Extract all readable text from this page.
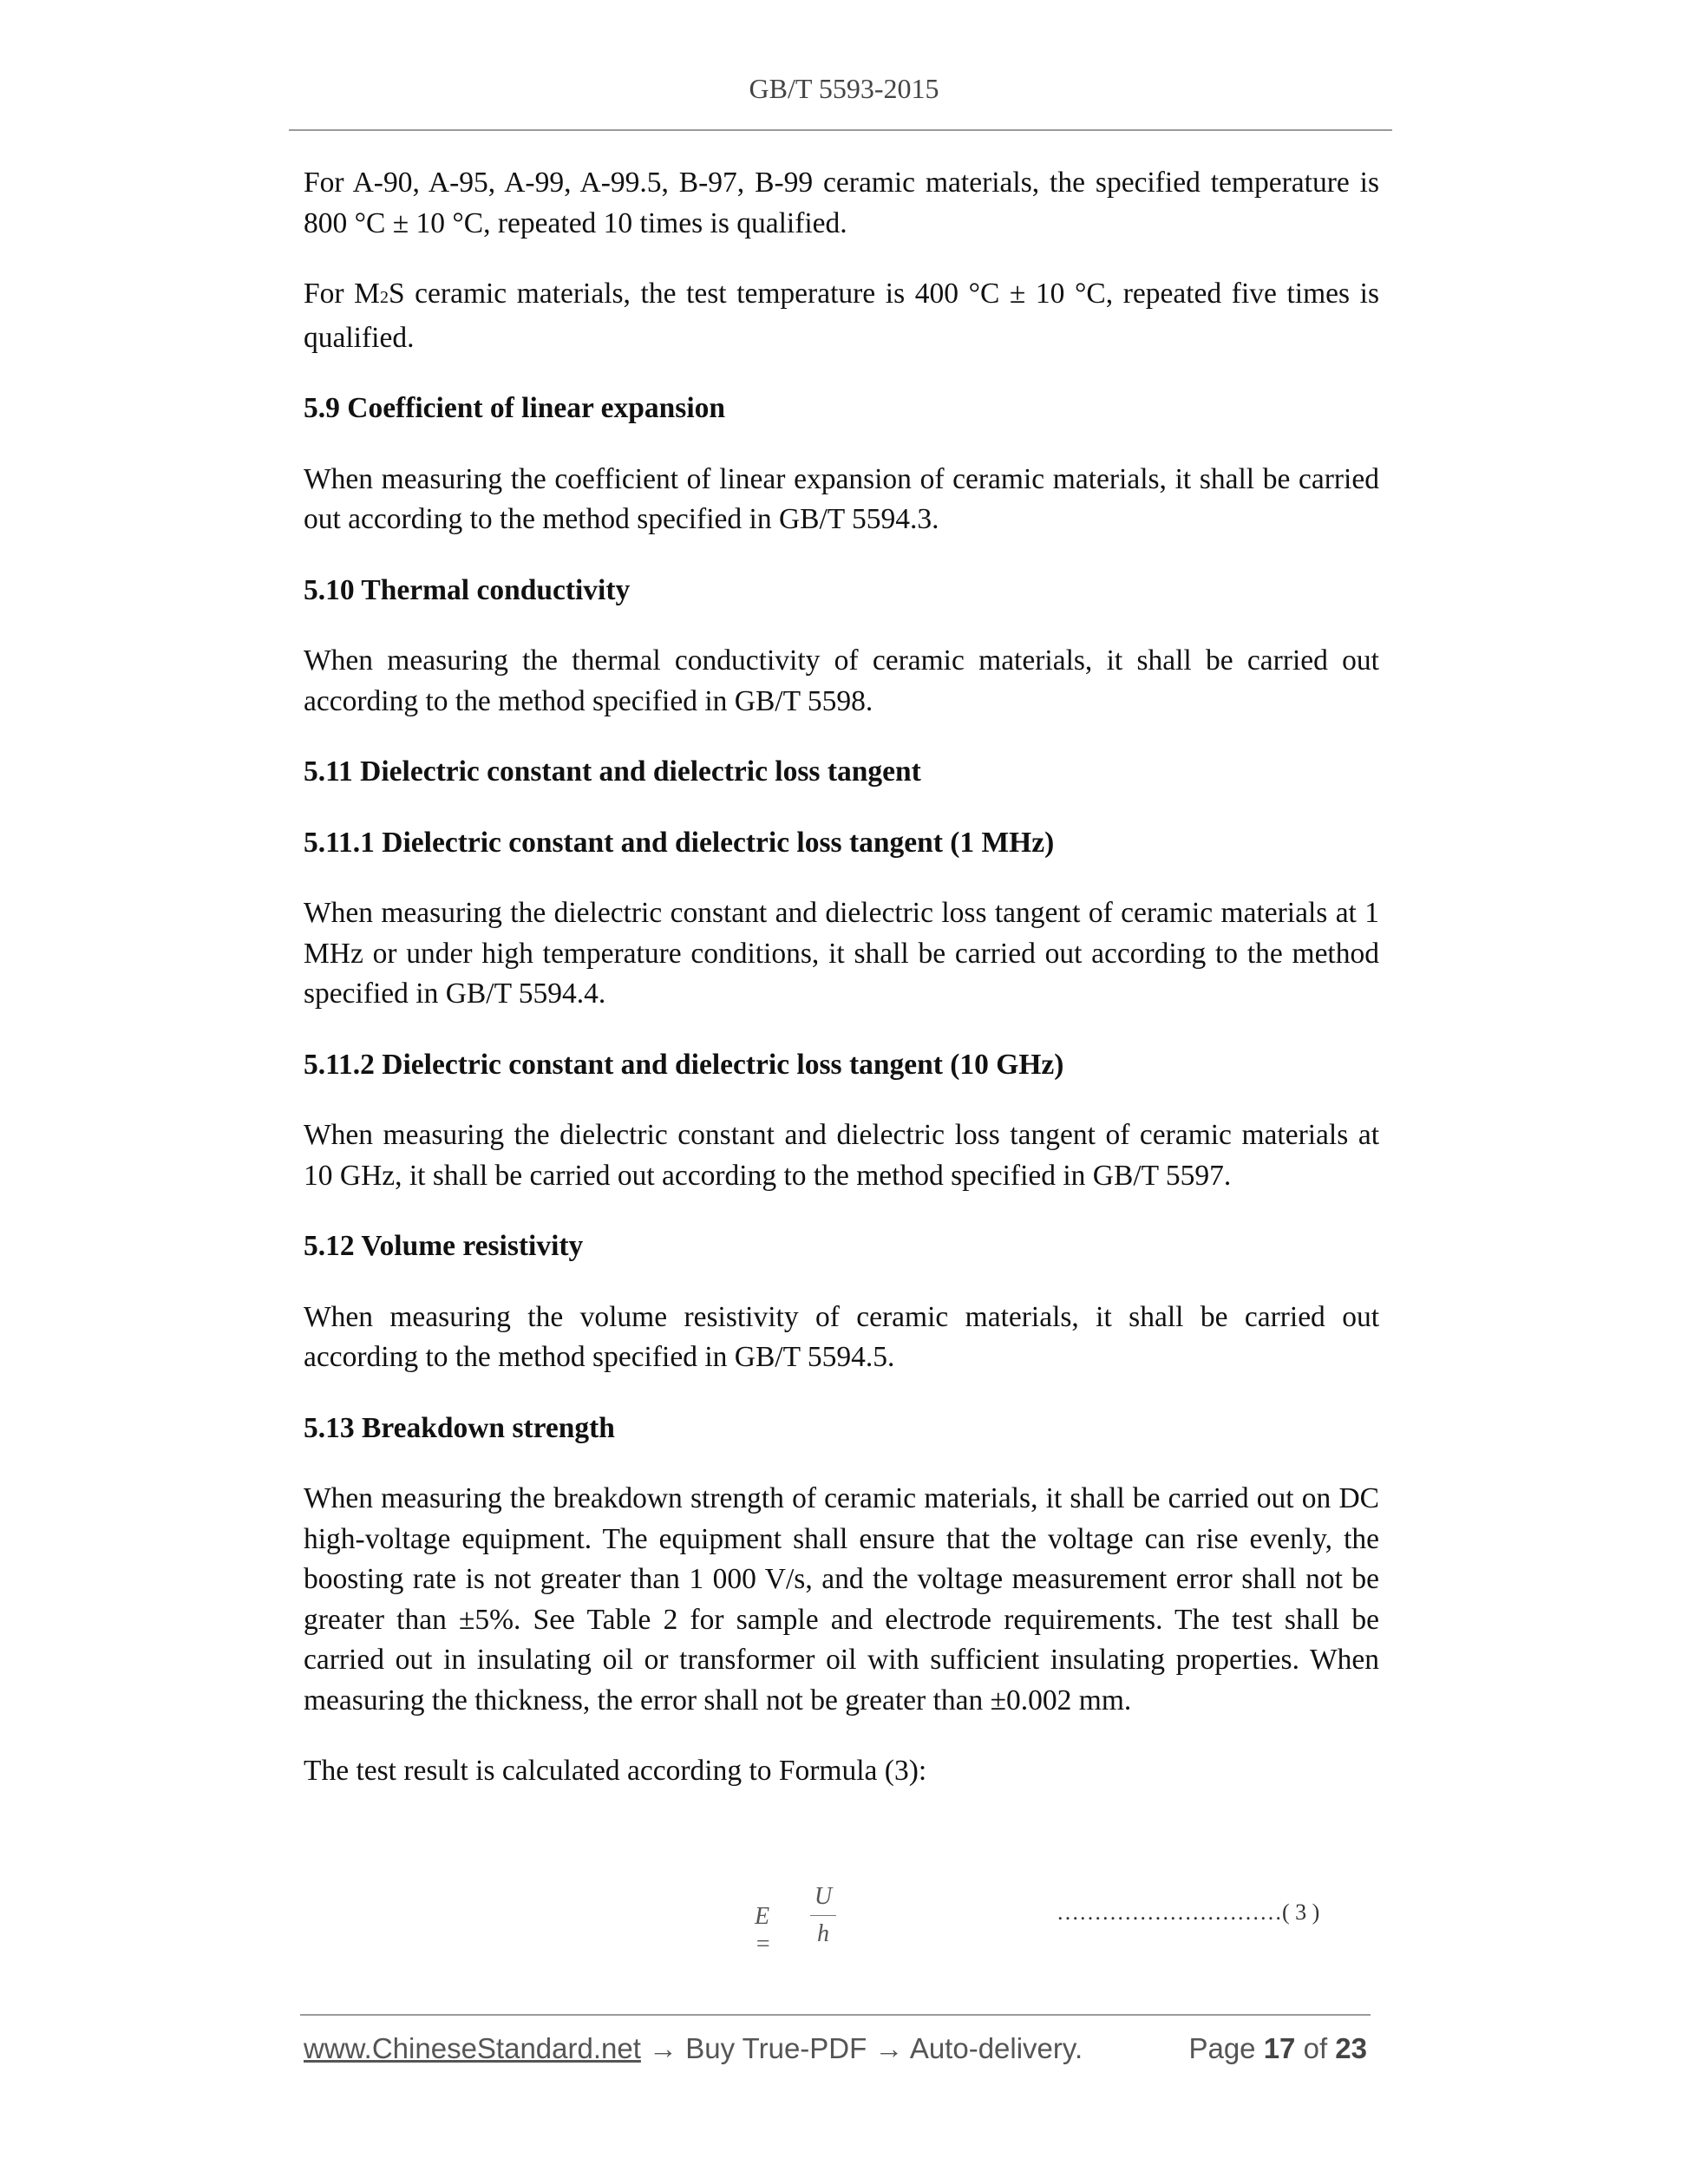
GB/T 5593-2015

For A-90, A-95, A-99, A-99.5, B-97, B-99 ceramic materials, the specified temperature is 800 °C ± 10 °C, repeated 10 times is qualified.

For M2S ceramic materials, the test temperature is 400 °C ± 10 °C, repeated five times is qualified.

5.9 Coefficient of linear expansion

When measuring the coefficient of linear expansion of ceramic materials, it shall be carried out according to the method specified in GB/T 5594.3.

5.10 Thermal conductivity

When measuring the thermal conductivity of ceramic materials, it shall be carried out according to the method specified in GB/T 5598.

5.11 Dielectric constant and dielectric loss tangent

5.11.1 Dielectric constant and dielectric loss tangent (1 MHz)

When measuring the dielectric constant and dielectric loss tangent of ceramic materials at 1 MHz or under high temperature conditions, it shall be carried out according to the method specified in GB/T 5594.4.

5.11.2 Dielectric constant and dielectric loss tangent (10 GHz)

When measuring the dielectric constant and dielectric loss tangent of ceramic materials at 10 GHz, it shall be carried out according to the method specified in GB/T 5597.

5.12 Volume resistivity

When measuring the volume resistivity of ceramic materials, it shall be carried out according to the method specified in GB/T 5594.5.

5.13 Breakdown strength

When measuring the breakdown strength of ceramic materials, it shall be carried out on DC high-voltage equipment. The equipment shall ensure that the voltage can rise evenly, the boosting rate is not greater than 1 000 V/s, and the voltage measurement error shall not be greater than ±5%. See Table 2 for sample and electrode requirements. The test shall be carried out in insulating oil or transformer oil with sufficient insulating properties. When measuring the thickness, the error shall not be greater than ±0.002 mm.

The test result is calculated according to Formula (3):

E =
U
h
…………………………( 3 )
www.ChineseStandard.net → Buy True-PDF → Auto-delivery.	Page 17 of 23
